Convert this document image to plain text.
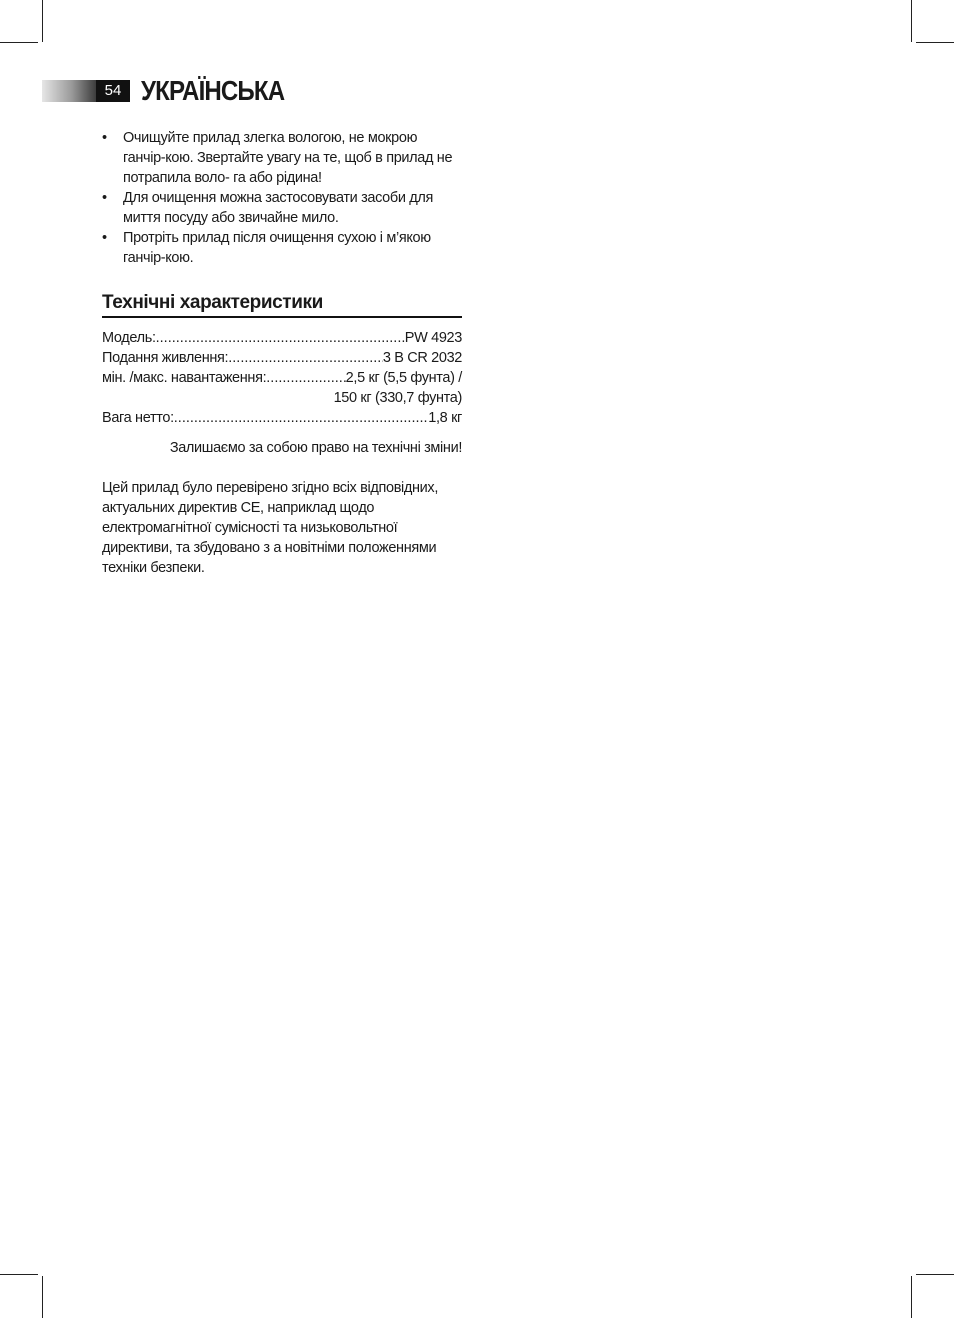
54 УКРАЇНСЬКА
• Очищуйте прилад злегка вологою, не мокрою ганчір-кою. Звертайте увагу на те, щоб в прилад не потрапила воло- га або рідина!
• Для очищення можна застосовувати засоби для миття посуду або звичайне мило.
• Протріть прилад після очищення сухою і м’якою ганчір-кою.
Технічні характеристики
Модель: .....	PW 4923
Подання живлення: .....	3 В CR 2032
мін. /макс. навантаження: .....	2,5 кг (5,5 фунта) /
150 кг (330,7 фунта)
Вага нетто: .....	1,8 кг
Залишаємо за собою право на технічні зміни!

Цей прилад було перевірено згідно всіх відповідних, актуальних директив CE, наприклад щодо електромагнітної сумісності та низьковольтної директиви, та збудовано з а новітніми положеннями техніки безпеки.
